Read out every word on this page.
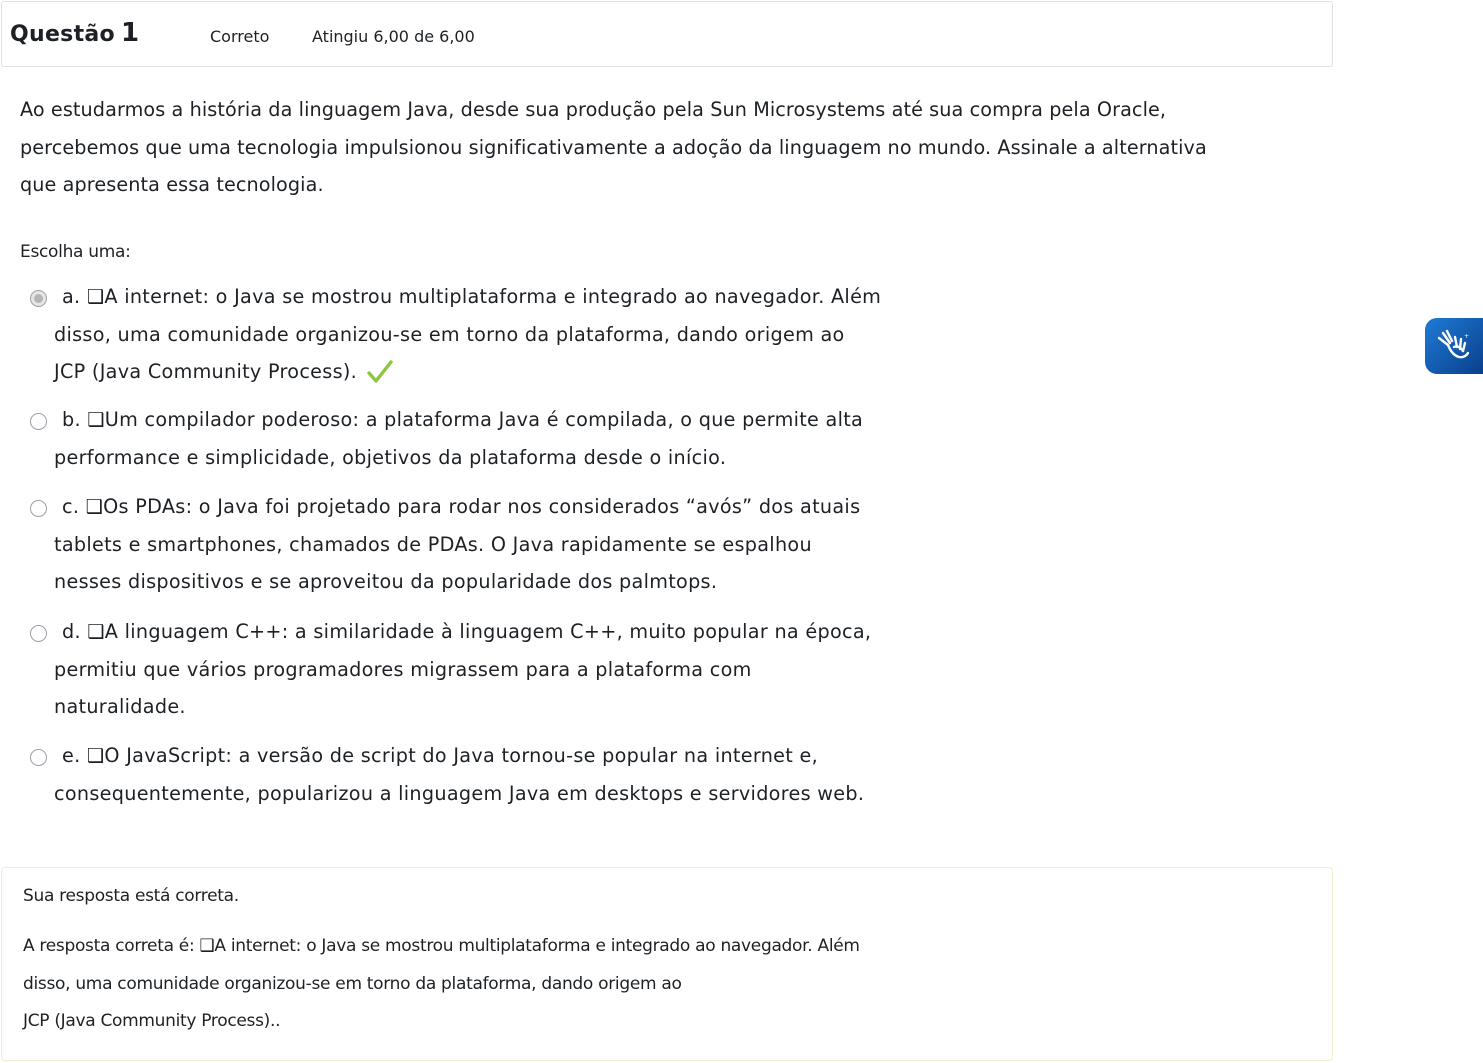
Questão 1	Correto	Atingiu 6,00 de 6,00
Ao estudarmos a história da linguagem Java, desde sua produção pela Sun Microsystems até sua compra pela Oracle,
percebemos que uma tecnologia impulsionou significativamente a adoção da linguagem no mundo. Assinale a alternativa
que apresenta essa tecnologia.
Escolha uma:
a. ❑A internet: o Java se mostrou multiplataforma e integrado ao navegador. Além
disso, uma comunidade organizou-se em torno da plataforma, dando origem ao
JCP (Java Community Process).
b. ❑Um compilador poderoso: a plataforma Java é compilada, o que permite alta
performance e simplicidade, objetivos da plataforma desde o início.
c. ❑Os PDAs: o Java foi projetado para rodar nos considerados “avós” dos atuais
tablets e smartphones, chamados de PDAs. O Java rapidamente se espalhou
nesses dispositivos e se aproveitou da popularidade dos palmtops.
d. ❑A linguagem C++: a similaridade à linguagem C++, muito popular na época,
permitiu que vários programadores migrassem para a plataforma com
naturalidade.
e. ❑O JavaScript: a versão de script do Java tornou-se popular na internet e,
consequentemente, popularizou a linguagem Java em desktops e servidores web.
Sua resposta está correta.
A resposta correta é: ❑A internet: o Java se mostrou multiplataforma e integrado ao navegador. Além
disso, uma comunidade organizou-se em torno da plataforma, dando origem ao
JCP (Java Community Process)..
+
